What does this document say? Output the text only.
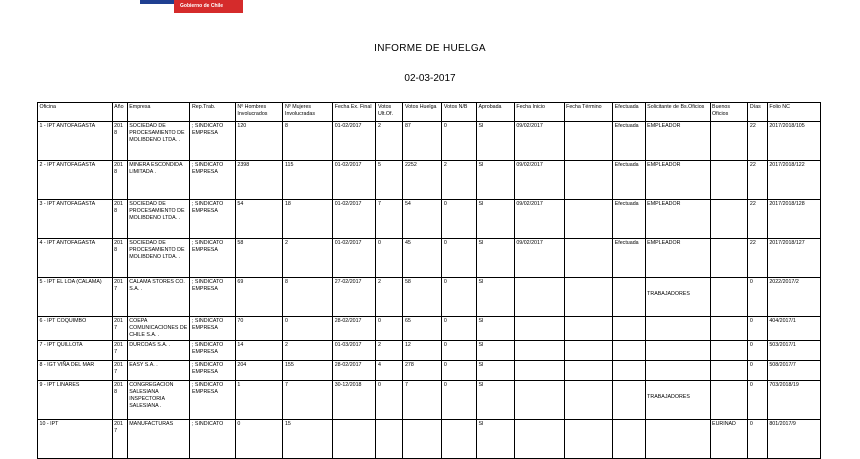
Gobierno de Chile
INFORME DE HUELGA
02-03-2017
Oficina	Año	Empresa	Rep.Trab.	Nº Hombres Involucrados	Nº Mujeres Involucradas	Fecha Ex. Final	Votos Ult.Of.	Votos Huelga	Votos N/B	Aprobada	Fecha Inicio	Fecha Término	Efectuada	Solicitante de Bs.Oficios	Buenos Oficios	Días	Folio NC
1 - IPT ANTOFAGASTA	2018	SOCIEDAD DE PROCESAMIENTO DE MOLIBDENO LTDA. .	; SINDICATO EMPRESA	120	8	01-02/2017	2	87	0	SI	09/02/2017		Efectuada	EMPLEADOR		22	2017/2018/105
2 - IPT ANTOFAGASTA	2018	MINERA ESCONDIDA LIMITADA .	; SINDICATO EMPRESA	2398	115	01-02/2017	5	2252	2	SI	09/02/2017		Efectuada	EMPLEADOR		22	2017/2018/122
3 - IPT ANTOFAGASTA	2018	SOCIEDAD DE PROCESAMIENTO DE MOLIBDENO LTDA. .	; SINDICATO EMPRESA	54	18	01-02/2017	7	54	0	SI	09/02/2017		Efectuada	EMPLEADOR		22	2017/2018/128
4 - IPT ANTOFAGASTA	2018	SOCIEDAD DE PROCESAMIENTO DE MOLIBDENO LTDA. .	; SINDICATO EMPRESA	58	2	01-02/2017	0	45	0	SI	09/02/2017		Efectuada	EMPLEADOR		22	2017/2018/127
5 - IPT EL LOA (CALAMA)	2017	CALAMA STORES CO. S.A. .	; SINDICATO EMPRESA	69	8	27-02/2017	2	58	0	SI				TRABAJADORES		0	2022/2017/2
6 - IPT COQUIMBO	2017	COEPA COMUNICACIONES DE CHILE S.A. .	; SINDICATO EMPRESA	70	0	28-02/2017	0	65	0	SI						0	404/2017/1
7 - IPT QUILLOTA	2017	DURCOAS S.A. .	; SINDICATO EMPRESA	14	2	01-03/2017	2	12	0	SI						0	503/2017/1
8 - IGT VIÑA DEL MAR	2017	EASY S.A. .	; SINDICATO EMPRESA	204	155	28-02/2017	4	278	0	SI						0	508/2017/7
9 - IPT LINARES	2018	CONGREGACION SALESIANA INSPECTORIA SALESIANA .	; SINDICATO EMPRESA	1	7	30-12/2018	0	7	0	SI				TRABAJADORES		0	703/2018/19
10 - IPT	2017	MANUFACTURAS	; SINDICATO	0	15					SI					EURINAD	0	801/2017/9
